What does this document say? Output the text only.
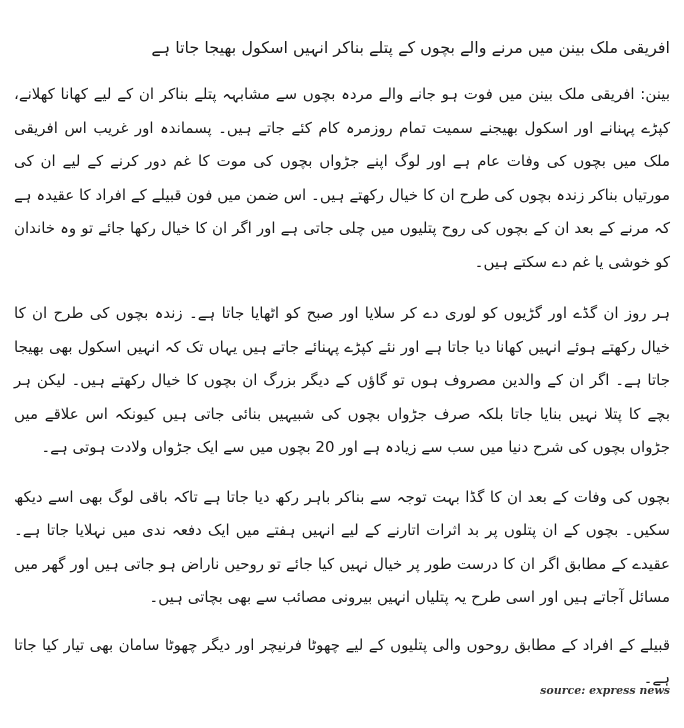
افریقی ملک بینن میں مرنے والے بچوں کے پتلے بناکر انہیں اسکول بھیجا جاتا ہے

بینن: افریقی ملک بینن میں فوت ہو جانے والے مردہ بچوں سے مشابہہ پتلے بناکر ان کے لیے کھانا کھلانے، کپڑے پہنانے اور اسکول بھیجنے سمیت تمام روزمرہ کام کئے جاتے ہیں۔ پسماندہ اور غریب اس افریقی ملک میں بچوں کی وفات عام ہے اور لوگ اپنے جڑواں بچوں کی موت کا غم دور کرنے کے لیے ان کی مورتیاں بناکر زندہ بچوں کی طرح ان کا خیال رکھتے ہیں۔ اس ضمن میں فون قبیلے کے افراد کا عقیدہ ہے کہ مرنے کے بعد ان کے بچوں کی روح پتلیوں میں چلی جاتی ہے اور اگر ان کا خیال رکھا جائے تو وہ خاندان کو خوشی یا غم دے سکتے ہیں۔

ہر روز ان گڈے اور گڑیوں کو لوری دے کر سلایا اور صبح کو اٹھایا جاتا ہے۔ زندہ بچوں کی طرح ان کا خیال رکھتے ہوئے انہیں کھانا دیا جاتا ہے اور نئے کپڑے پہنائے جاتے ہیں یہاں تک کہ انہیں اسکول بھی بھیجا جاتا ہے۔ اگر ان کے والدین مصروف ہوں تو گاؤں کے دیگر بزرگ ان بچوں کا خیال رکھتے ہیں۔ لیکن ہر بچے کا پتلا نہیں بنایا جاتا بلکہ صرف جڑواں بچوں کی شبیہیں بنائی جاتی ہیں کیونکہ اس علاقے میں جڑواں بچوں کی شرح دنیا میں سب سے زیادہ ہے اور 20 بچوں میں سے ایک جڑواں ولادت ہوتی ہے۔

بچوں کی وفات کے بعد ان کا گڈا بہت توجہ سے بناکر باہر رکھ دیا جاتا ہے تاکہ باقی لوگ بھی اسے دیکھ سکیں۔ بچوں کے ان پتلوں پر بد اثرات اتارنے کے لیے انہیں ہفتے میں ایک دفعہ ندی میں نہلایا جاتا ہے۔ عقیدے کے مطابق اگر ان کا درست طور پر خیال نہیں کیا جائے تو روحیں ناراض ہو جاتی ہیں اور گھر میں مسائل آجاتے ہیں اور اسی طرح یہ پتلیاں انہیں بیرونی مصائب سے بھی بچاتی ہیں۔

قبیلے کے افراد کے مطابق روحوں والی پتلیوں کے لیے چھوٹا فرنیچر اور دیگر چھوٹا سامان بھی تیار کیا جاتا ہے۔

source: express news
